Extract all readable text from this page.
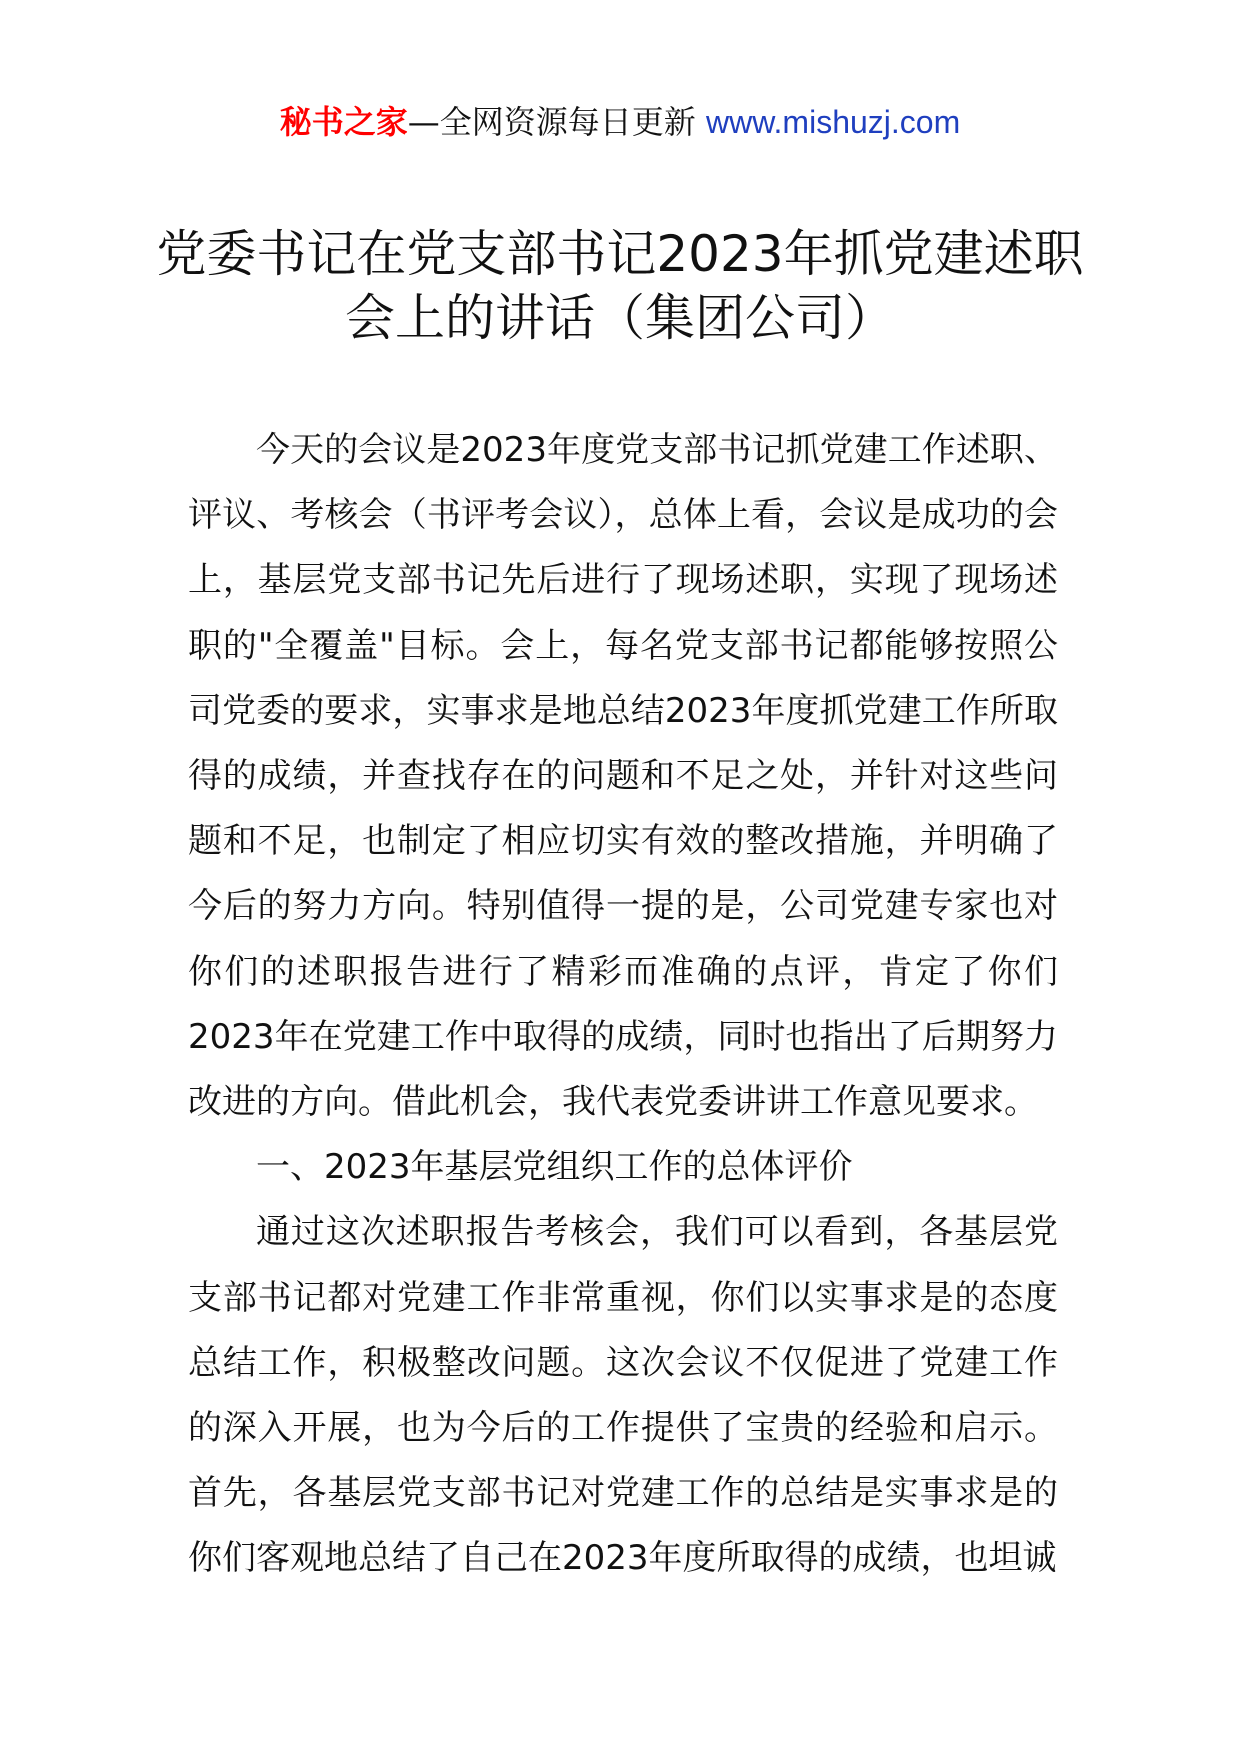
秘书之家—全网资源每日更新 www.mishuzj.com
党委书记在党支部书记2023年抓党建述职
会上的讲话（集团公司）

今天的会议是2023年度党支部书记抓党建工作述职、评议、考核会（书评考会议），总体上看，会议是成功的会上，基层党支部书记先后进行了现场述职，实现了现场述职的"全覆盖"目标。会上，每名党支部书记都能够按照公司党委的要求，实事求是地总结2023年度抓党建工作所取得的成绩，并查找存在的问题和不足之处，并针对这些问题和不足，也制定了相应切实有效的整改措施，并明确了今后的努力方向。特别值得一提的是，公司党建专家也对你们的述职报告进行了精彩而准确的点评，肯定了你们2023年在党建工作中取得的成绩，同时也指出了后期努力改进的方向。借此机会，我代表党委讲讲工作意见要求。

一、2023年基层党组织工作的总体评价

通过这次述职报告考核会，我们可以看到，各基层党支部书记都对党建工作非常重视，你们以实事求是的态度总结工作，积极整改问题。这次会议不仅促进了党建工作的深入开展，也为今后的工作提供了宝贵的经验和启示。首先，各基层党支部书记对党建工作的总结是实事求是的你们客观地总结了自己在2023年度所取得的成绩，也坦诚
